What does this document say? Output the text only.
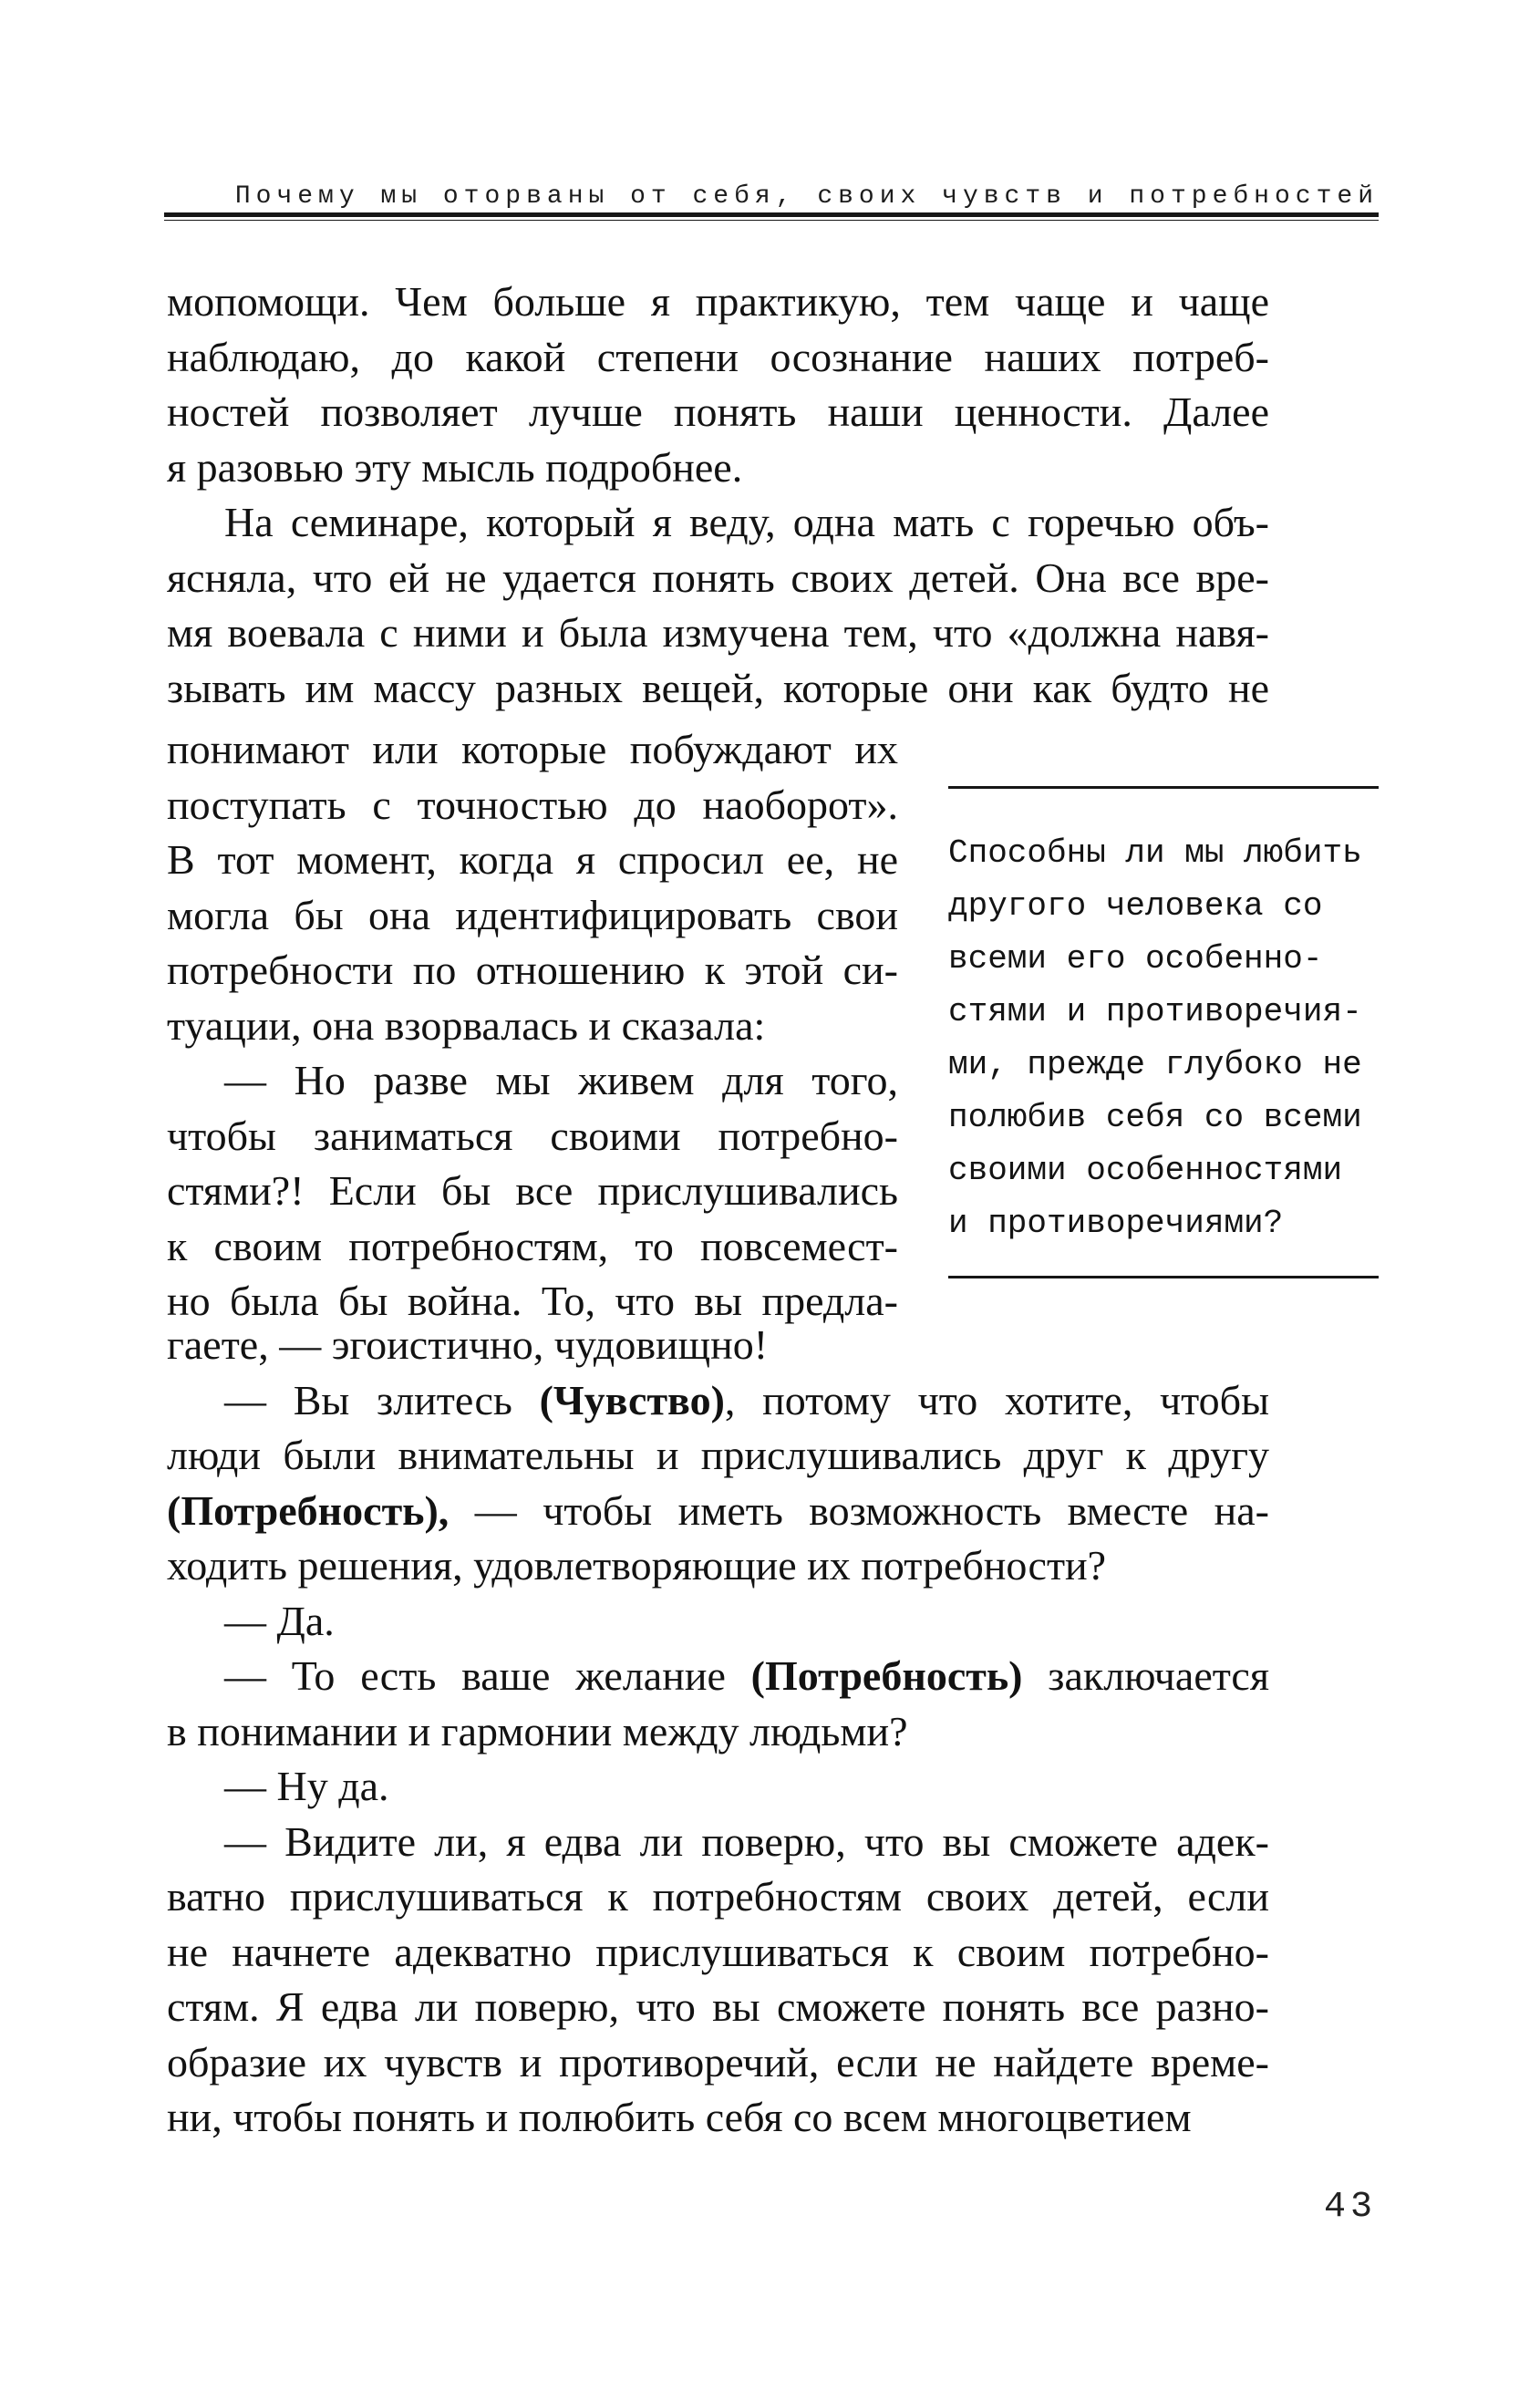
Почему мы оторваны от себя, своих чувств и потребностей
мопомощи. Чем больше я практикую, тем чаще и чаще
наблюдаю, до какой степени осознание наших потреб-
ностей позволяет лучше понять наши ценности. Далее
я разовью эту мысль подробнее.
На семинаре, который я веду, одна мать с горечью объ-
ясняла, что ей не удается понять своих детей. Она все вре-
мя воевала с ними и была измучена тем, что «должна навя-
зывать им массу разных вещей, которые они как будто не
понимают или которые побуждают их
поступать с точностью до наоборот».
В тот момент, когда я спросил ее, не
могла бы она идентифицировать свои
потребности по отношению к этой си-
туации, она взорвалась и сказала:
— Но разве мы живем для того,
чтобы заниматься своими потребно-
стями?! Если бы все прислушивались
к своим потребностям, то повсемест-
но была бы война. То, что вы предла-
Способны ли мы любить
другого человека со
всеми его особенно-
стями и противоречия-
ми, прежде глубоко не
полюбив себя со всеми
своими особенностями
и противоречиями?
гаете, — эгоистично, чудовищно!
— Вы злитесь (Чувство), потому что хотите, чтобы
люди были внимательны и прислушивались друг к другу
(Потребность), — чтобы иметь возможность вместе на-
ходить решения, удовлетворяющие их потребности?
— Да.
— То есть ваше желание (Потребность) заключается
в понимании и гармонии между людьми?
— Ну да.
— Видите ли, я едва ли поверю, что вы сможете адек-
ватно прислушиваться к потребностям своих детей, если
не начнете адекватно прислушиваться к своим потребно-
стям. Я едва ли поверю, что вы сможете понять все разно-
образие их чувств и противоречий, если не найдете време-
ни, чтобы понять и полюбить себя со всем многоцветием
43
